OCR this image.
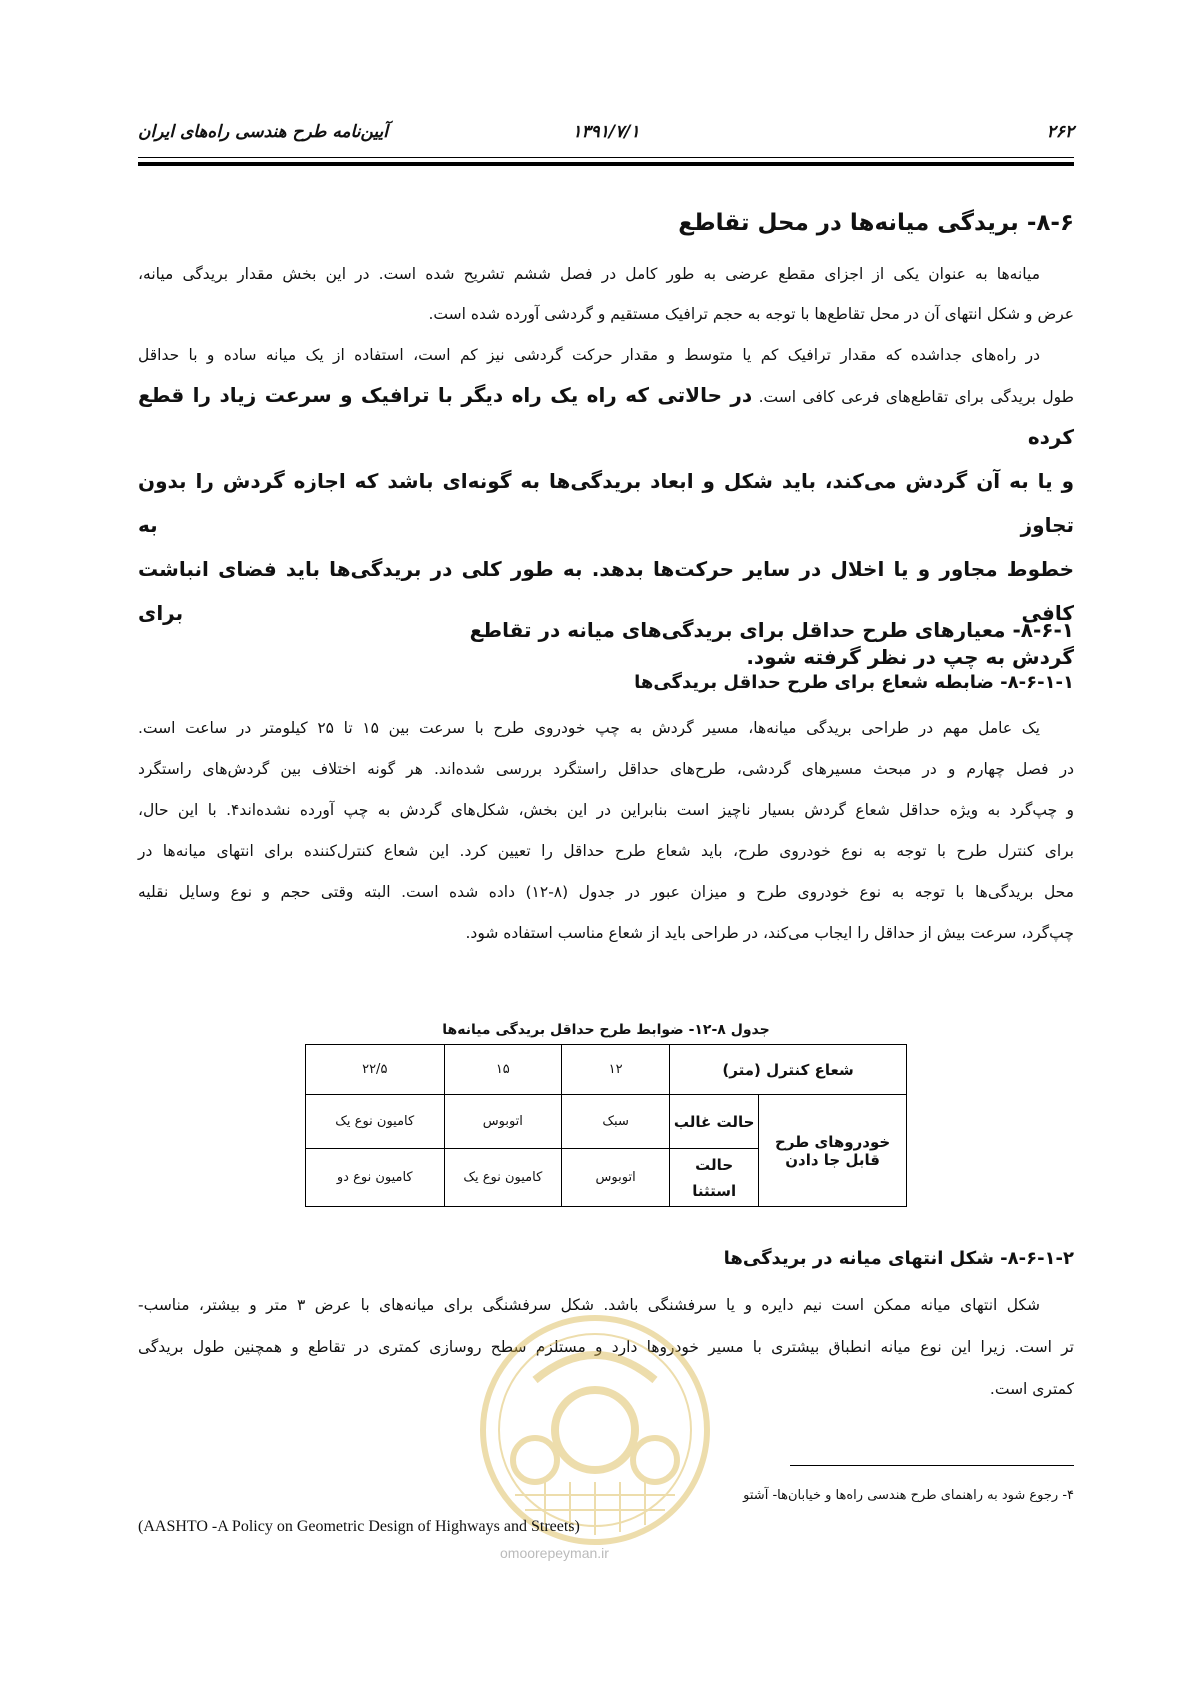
۲۶۲
۱۳۹۱/۷/۱
آیین‌نامه طرح هندسی راه‌های ایران
۸-۶- بریدگی میانه‌ها در محل تقاطع

میانه‌ها به عنوان یکی از اجزای مقطع عرضی به طور کامل در فصل ششم تشریح شده است. در این بخش مقدار بریدگی میانه،
عرض و شکل انتهای آن در محل تقاطع‌ها با توجه به حجم ترافیک مستقیم و گردشی آورده شده است.

در راه‌های جداشده که مقدار ترافیک کم یا متوسط و مقدار حرکت گردشی نیز کم است، استفاده از یک میانه ساده و با حداقل
طول بریدگی برای تقاطع‌های فرعی کافی است. در حالاتی که راه یک راه دیگر با ترافیک و سرعت زیاد را قطع کرده
و یا به آن گردش می‌کند، باید شکل و ابعاد بریدگی‌ها به گونه‌ای باشد که اجازه گردش را بدون تجاوز به
خطوط مجاور و یا اخلال در سایر حرکت‌ها بدهد. به طور کلی در بریدگی‌ها باید فضای انباشت کافی برای
گردش به چپ در نظر گرفته شود.

۸-۶-۱- معیارهای طرح حداقل برای بریدگی‌های میانه در تقاطع
۸-۶-۱-۱- ضابطه شعاع برای طرح حداقل بریدگی‌ها

یک عامل مهم در طراحی بریدگی میانه‌ها، مسیر گردش به چپ خودروی طرح با سرعت بین ۱۵ تا ۲۵ کیلومتر در ساعت است.
در فصل چهارم و در مبحث مسیرهای گردشی، طرح‌های حداقل راستگرد بررسی شده‌اند. هر گونه اختلاف بین گردش‌های راستگرد
و چپ‌گرد به ویژه حداقل شعاع گردش بسیار ناچیز است بنابراین در این بخش، شکل‌های گردش به چپ آورده نشده‌اند۴. با این حال،
برای کنترل طرح با توجه به نوع خودروی طرح، باید شعاع طرح حداقل را تعیین کرد. این شعاع کنترل‌کننده برای انتهای میانه‌ها در
محل بریدگی‌ها با توجه به نوع خودروی طرح و میزان عبور در جدول (۸-۱۲) داده شده است. البته وقتی حجم و نوع وسایل نقلیه
چپ‌گرد، سرعت بیش از حداقل را ایجاب می‌کند، در طراحی باید از شعاع مناسب استفاده شود.

جدول ۸-۱۲- ضوابط طرح حداقل بریدگی میانه‌ها
شعاع کنترل (متر)		۱۲	۱۵	۲۲/۵
خودروهای طرح قابل جا دادن	حالت غالب	سبک	اتوبوس	کامیون نوع یک
	حالت استثنا	اتوبوس	کامیون نوع یک	کامیون نوع دو
۸-۶-۱-۲- شکل انتهای میانه در بریدگی‌ها

شکل انتهای میانه ممکن است نیم دایره و یا سرفشنگی باشد. شکل سرفشنگی برای میانه‌های با عرض ۳ متر و بیشتر، مناسب-
تر است. زیرا این نوع میانه انطباق بیشتری با مسیر خودروها دارد و مستلزم سطح روسازی کمتری در تقاطع و همچنین طول بریدگی
کمتری است.

omoorepeyman.ir
۴- رجوع شود به راهنمای طرح هندسی راه‌ها و خیابان‌ها- آشتو
(AASHTO -A Policy on Geometric Design of Highways and Streets)
